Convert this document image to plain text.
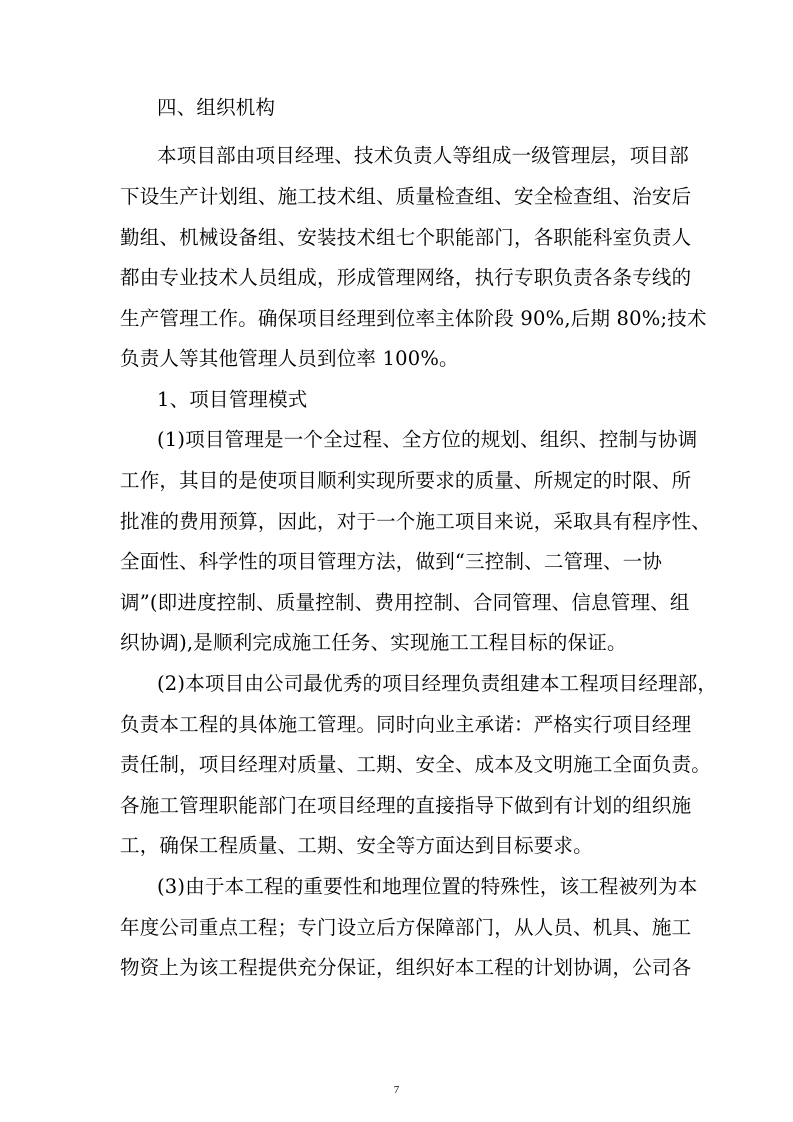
四、组织机构
本项目部由项目经理、技术负责人等组成一级管理层，项目部
下设生产计划组、施工技术组、质量检查组、安全检查组、治安后
勤组、机械设备组、安装技术组七个职能部门，各职能科室负责人
都由专业技术人员组成，形成管理网络，执行专职负责各条专线的
生产管理工作。确保项目经理到位率主体阶段 90%,后期 80%;技术
负责人等其他管理人员到位率 100%。
1、项目管理模式
(1)项目管理是一个全过程、全方位的规划、组织、控制与协调
工作，其目的是使项目顺利实现所要求的质量、所规定的时限、所
批准的费用预算，因此，对于一个施工项目来说，采取具有程序性、
全面性、科学性的项目管理方法，做到“三控制、二管理、一协
调”(即进度控制、质量控制、费用控制、合同管理、信息管理、组
织协调),是顺利完成施工任务、实现施工工程目标的保证。
(2)本项目由公司最优秀的项目经理负责组建本工程项目经理部，
负责本工程的具体施工管理。同时向业主承诺：严格实行项目经理
责任制，项目经理对质量、工期、安全、成本及文明施工全面负责。
各施工管理职能部门在项目经理的直接指导下做到有计划的组织施
工，确保工程质量、工期、安全等方面达到目标要求。
(3)由于本工程的重要性和地理位置的特殊性，该工程被列为本
年度公司重点工程；专门设立后方保障部门，从人员、机具、施工
物资上为该工程提供充分保证，组织好本工程的计划协调，公司各
7
